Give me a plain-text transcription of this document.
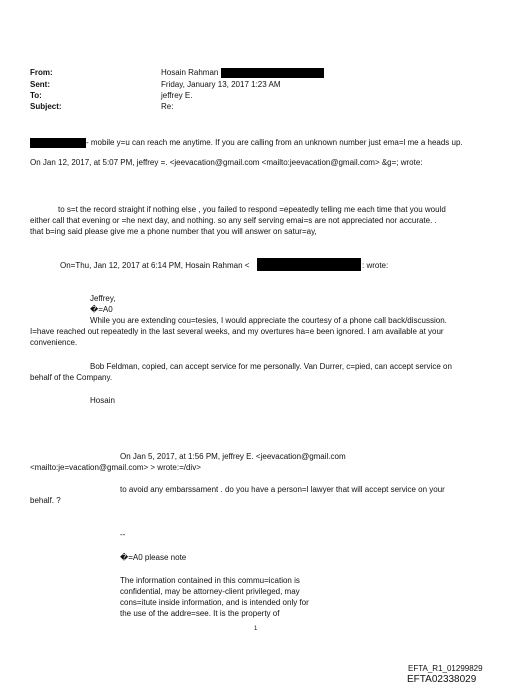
From:
Sent:
To:
Subject:
Hosain Rahman
Friday, January 13, 2017 1:23 AM
jeffrey E.
Re:
- mobile y=u can reach me anytime. If you are calling from an unknown number just ema=l me a heads up.
On Jan 12, 2017, at 5:07 PM, jeffrey =. <jeevacation@gmail.com <mailto:jeevacation@gmail.com> &g=; wrote:
to s=t the record straight if nothing else , you failed to respond =epeatedly telling me each time that you would
either call that evening or =he next day, and nothing. so any self serving emai=s are not appreciated nor accurate. .
that b=ing said please give me a phone number that you will answer on satur=ay,
On=Thu, Jan 12, 2017 at 6:14 PM, Hosain Rahman <	: wrote:
Jeffrey,
�=A0
While you are extending cou=tesies, I would appreciate the courtesy of a phone call back/discussion.
I=have reached out repeatedly in the last several weeks, and my overtures ha=e been ignored. I am available at your
convenience.
Bob Feldman, copied, can accept service for me personally. Van Durrer, c=pied, can accept service on
behalf of the Company.
Hosain
On Jan 5, 2017, at 1:56 PM, jeffrey E. <jeevacation@gmail.com
<mailto:je=vacation@gmail.com> > wrote:=/div>
to avoid any embarssament . do you have a person=l lawyer that will accept service on your
behalf. ?
--
�=A0 please note
The information contained in this commu=ication is
confidential, may be attorney-client privileged, may
cons=itute inside information, and is intended only for
the use of the addre=see. It is the property of
1
EFTA_R1_01299829
EFTA02338029
